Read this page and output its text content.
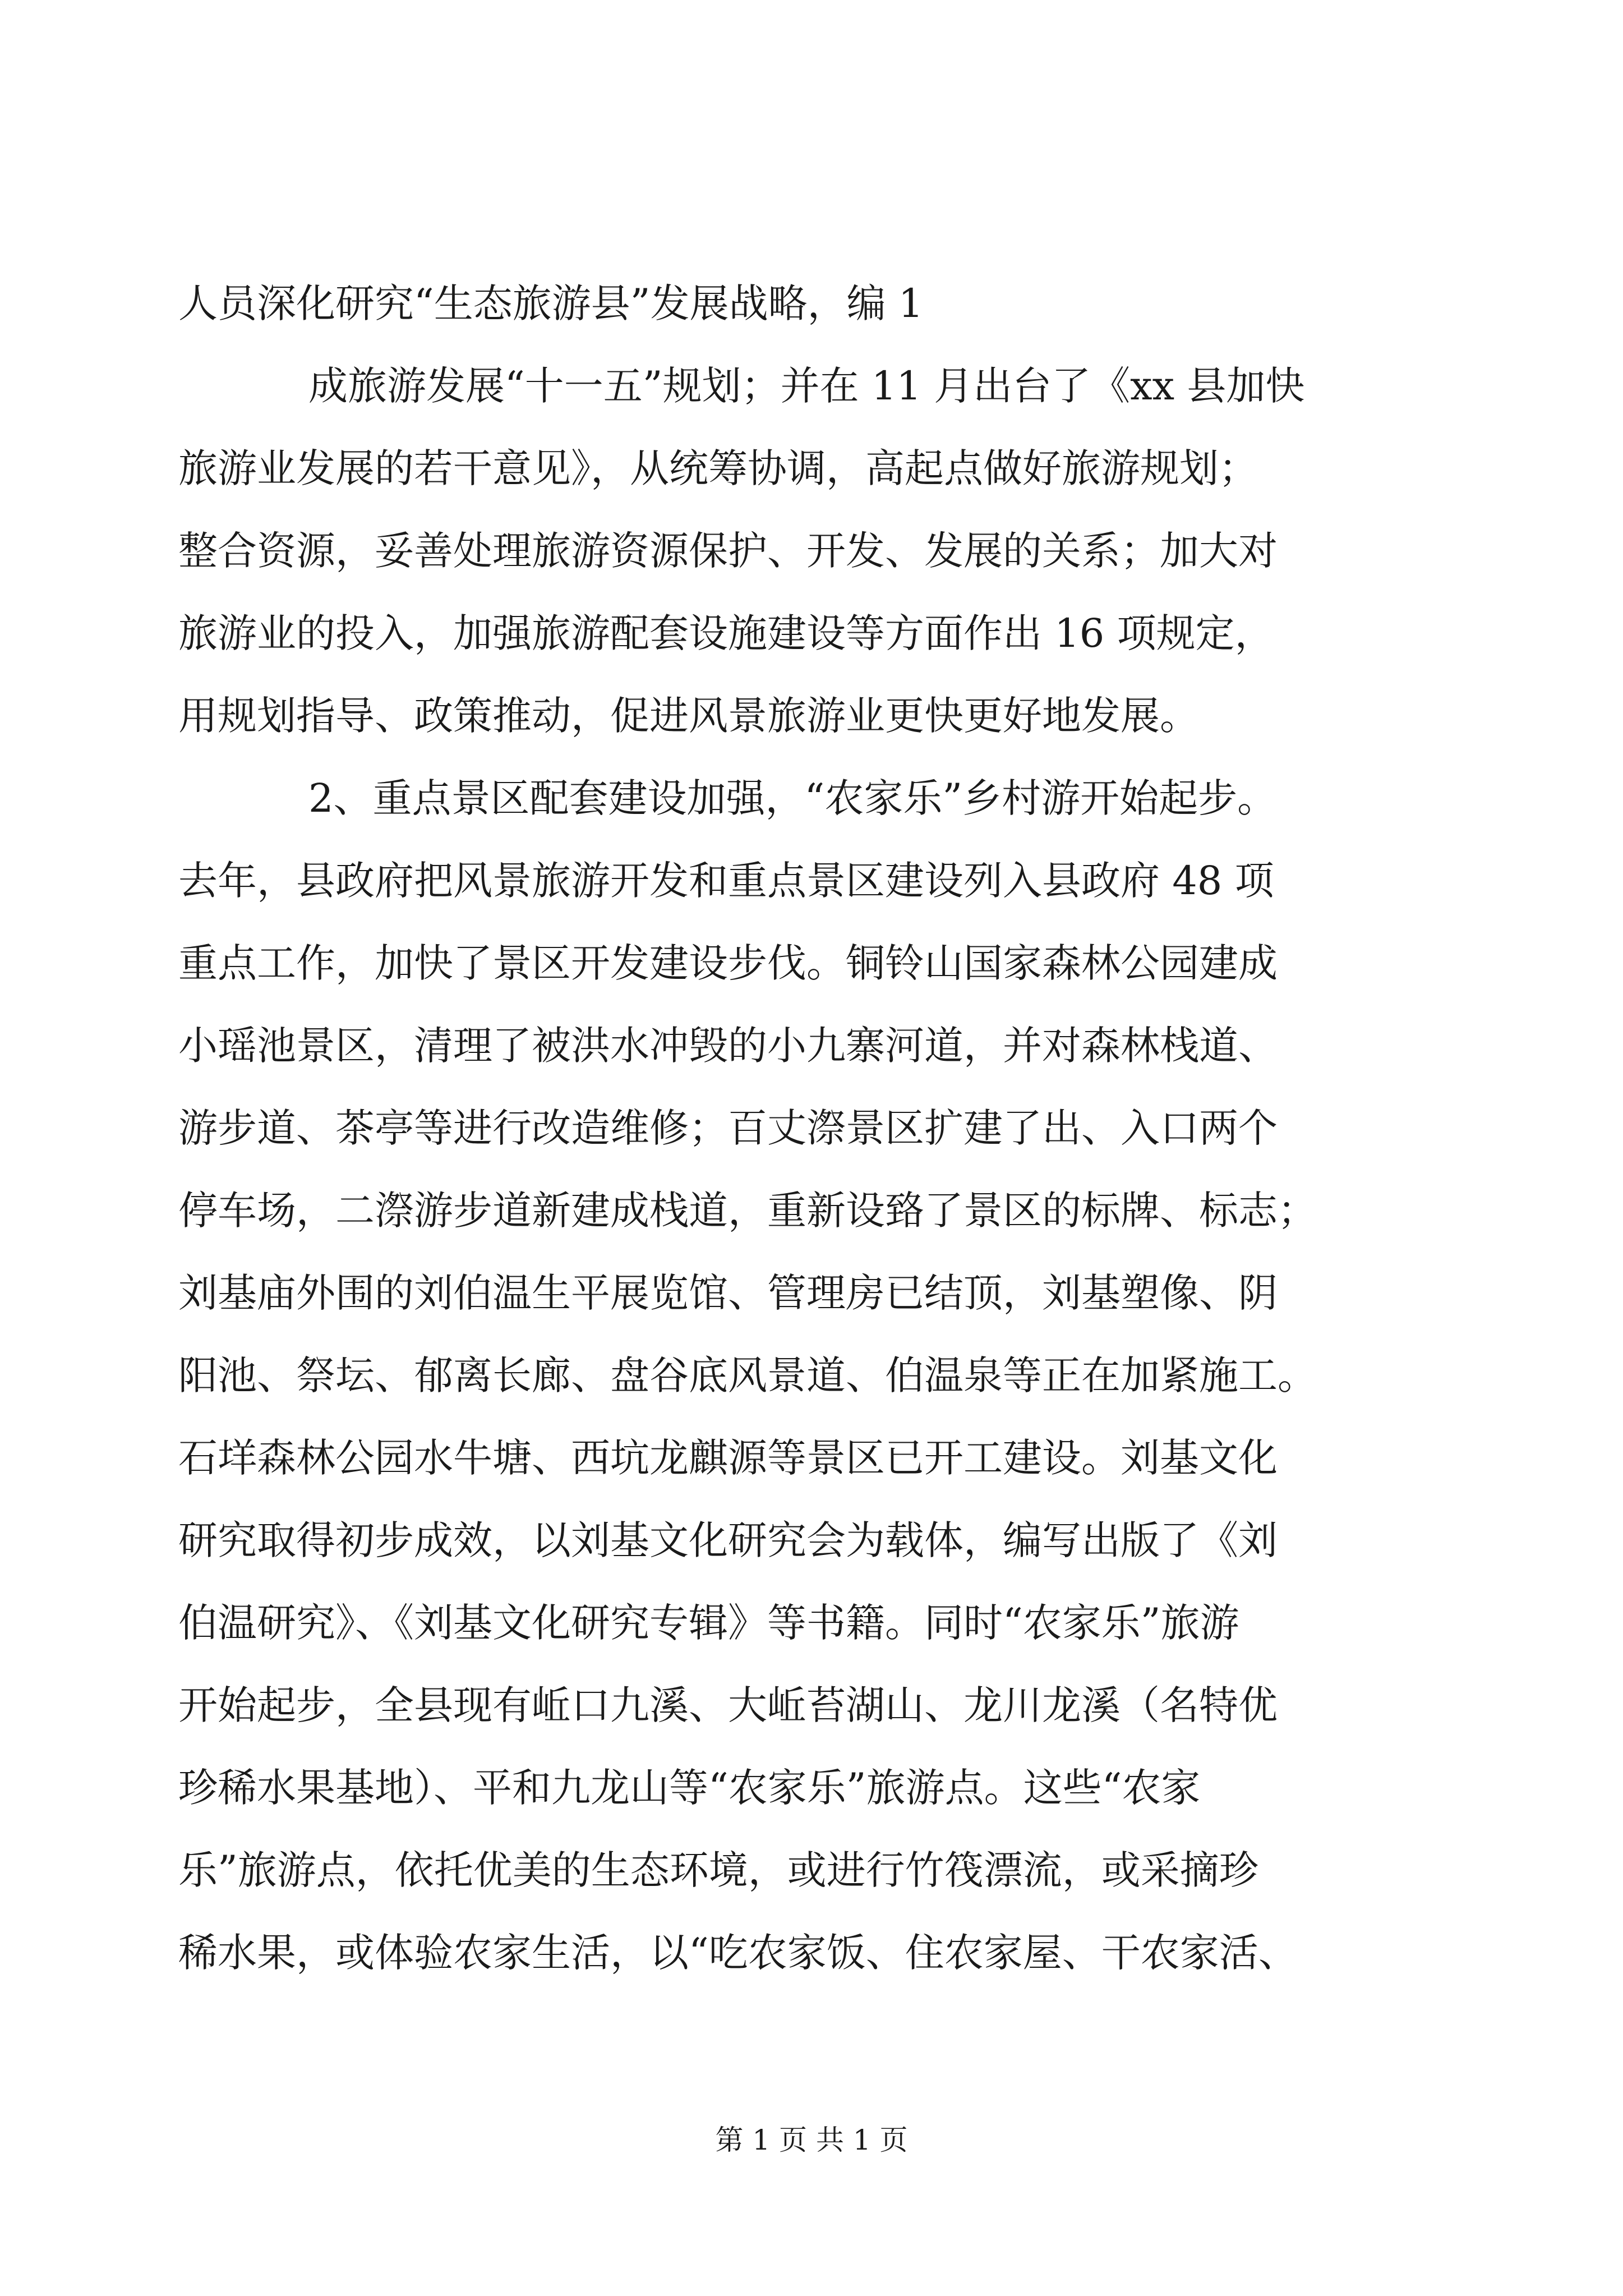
人员深化研究“生态旅游县”发展战略，编 1
成旅游发展“十一五”规划；并在 11 月出台了《xx 县加快
旅游业发展的若干意见》，从统筹协调，高起点做好旅游规划；
整合资源，妥善处理旅游资源保护、开发、发展的关系；加大对
旅游业的投入，加强旅游配套设施建设等方面作出 16 项规定，
用规划指导、政策推动，促进风景旅游业更快更好地发展。
2、重点景区配套建设加强，“农家乐”乡村游开始起步。
去年，县政府把风景旅游开发和重点景区建设列入县政府 48 项
重点工作，加快了景区开发建设步伐。铜铃山国家森林公园建成
小瑶池景区，清理了被洪水冲毁的小九寨河道，并对森林栈道、
游步道、茶亭等进行改造维修；百丈漈景区扩建了出、入口两个
停车场，二漈游步道新建成栈道，重新设臵了景区的标牌、标志；
刘基庙外围的刘伯温生平展览馆、管理房已结顶，刘基塑像、阴
阳池、祭坛、郁离长廊、盘谷底风景道、伯温泉等正在加紧施工。
石垟森林公园水牛塘、西坑龙麒源等景区已开工建设。刘基文化
研究取得初步成效，以刘基文化研究会为载体，编写出版了《刘
伯温研究》、《刘基文化研究专辑》等书籍。同时“农家乐”旅游
开始起步，全县现有岴口九溪、大岴苔湖山、龙川龙溪（名特优
珍稀水果基地）、平和九龙山等“农家乐”旅游点。这些“农家
乐”旅游点，依托优美的生态环境，或进行竹筏漂流，或采摘珍
稀水果，或体验农家生活，以“吃农家饭、住农家屋、干农家活、
第 1 页 共 1 页
